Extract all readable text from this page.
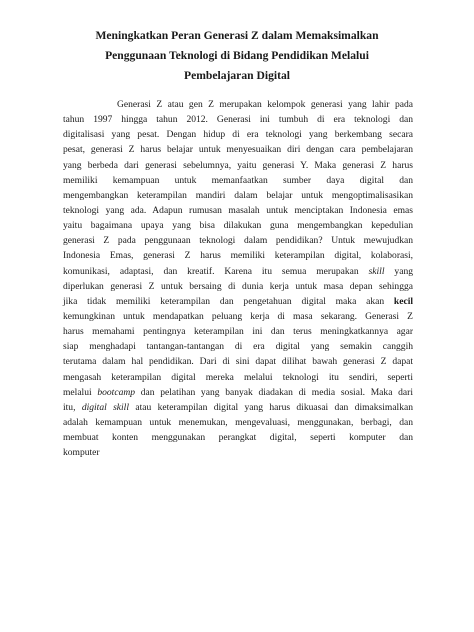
Meningkatkan Peran Generasi Z dalam Memaksimalkan
Penggunaan Teknologi di Bidang Pendidikan Melalui
Pembelajaran Digital
Generasi Z atau gen Z merupakan kelompok generasi yang lahir pada
tahun 1997 hingga tahun 2012. Generasi ini tumbuh di era teknologi dan
digitalisasi yang pesat. Dengan hidup di era teknologi yang berkembang secara
pesat, generasi Z harus belajar untuk menyesuaikan diri dengan cara pembelajaran
yang berbeda dari generasi sebelumnya, yaitu generasi Y. Maka generasi Z harus
memiliki kemampuan untuk memanfaatkan sumber daya digital dan
mengembangkan keterampilan mandiri dalam belajar untuk mengoptimalisasikan
teknologi yang ada. Adapun rumusan masalah untuk menciptakan Indonesia emas
yaitu bagaimana upaya yang bisa dilakukan guna mengembangkan kepedulian
generasi Z pada penggunaan teknologi dalam pendidikan? Untuk mewujudkan
Indonesia Emas, generasi Z harus memiliki keterampilan digital, kolaborasi,
komunikasi, adaptasi, dan kreatif. Karena itu semua merupakan skill yang
diperlukan generasi Z untuk bersaing di dunia kerja untuk masa depan sehingga
jika tidak memiliki keterampilan dan pengetahuan digital maka akan kecil
kemungkinan untuk mendapatkan peluang kerja di masa sekarang. Generasi Z
harus memahami pentingnya keterampilan ini dan terus meningkatkannya agar
siap menghadapi tantangan-tantangan di era digital yang semakin canggih
terutama dalam hal pendidikan. Dari di sini dapat dilihat bawah generasi Z dapat
mengasah keterampilan digital mereka melalui teknologi itu sendiri, seperti
melalui bootcamp dan pelatihan yang banyak diadakan di media sosial. Maka dari
itu, digital skill atau keterampilan digital yang harus dikuasai dan dimaksimalkan
adalah kemampuan untuk menemukan, mengevaluasi, menggunakan, berbagi, dan
membuat konten menggunakan perangkat digital, seperti komputer dan
komputer
